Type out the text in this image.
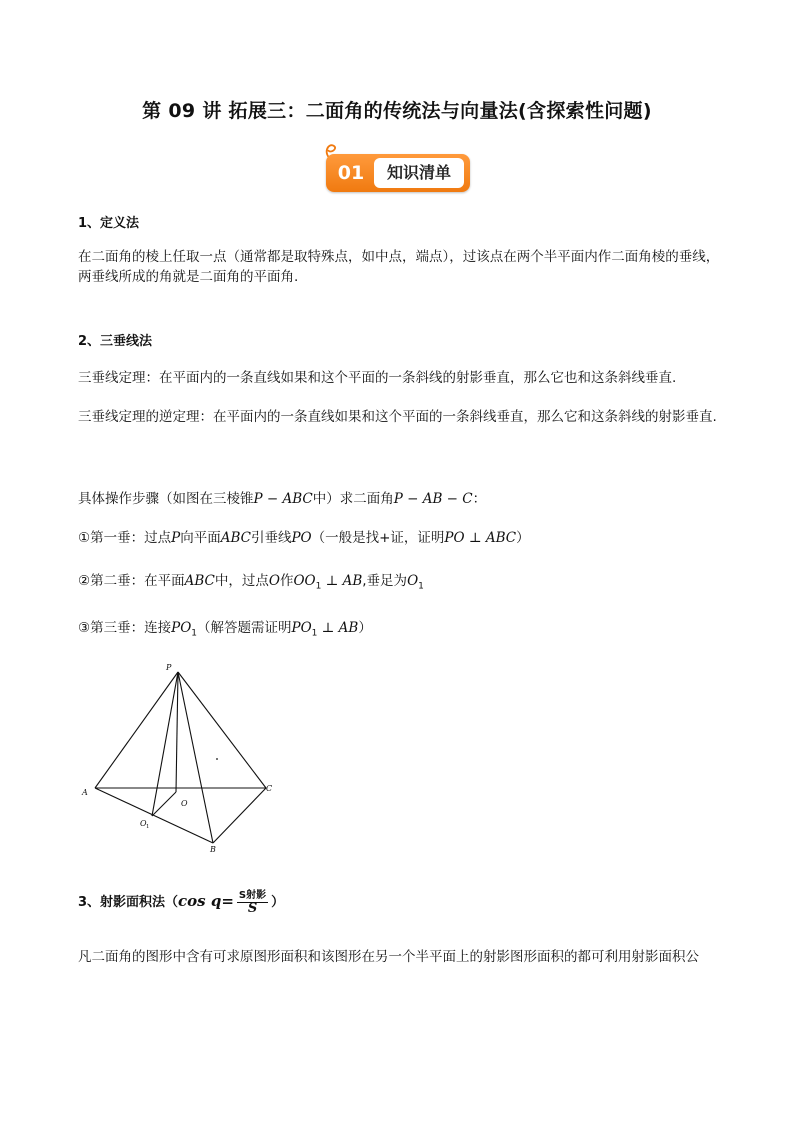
第 09 讲 拓展三：二面角的传统法与向量法(含探索性问题)
01	知识清单
1、定义法
在二面角的棱上任取一点（通常都是取特殊点，如中点，端点），过该点在两个半平面内作二面角棱的垂线，两垂线所成的角就是二面角的平面角.
2、三垂线法
三垂线定理：在平面内的一条直线如果和这个平面的一条斜线的射影垂直，那么它也和这条斜线垂直.
三垂线定理的逆定理：在平面内的一条直线如果和这个平面的一条斜线垂直，那么它和这条斜线的射影垂直.
具体操作步骤（如图在三棱锥P − ABC中）求二面角P − AB − C：
①第一垂：过点P向平面ABC引垂线PO（一般是找+证，证明PO ⊥ ABC）
②第二垂：在平面ABC中，过点O作$OO_1$ ⊥ AB,垂足为$O_1$
③第三垂：连接$PO_1$（解答题需证明$PO_1$ ⊥ AB）
P
A	C
B
O
O 1
3、射影面积法（cos $q= \frac{\text{S射影}}{S}$ ）
凡二面角的图形中含有可求原图形面积和该图形在另一个半平面上的射影图形面积的都可利用射影面积公
